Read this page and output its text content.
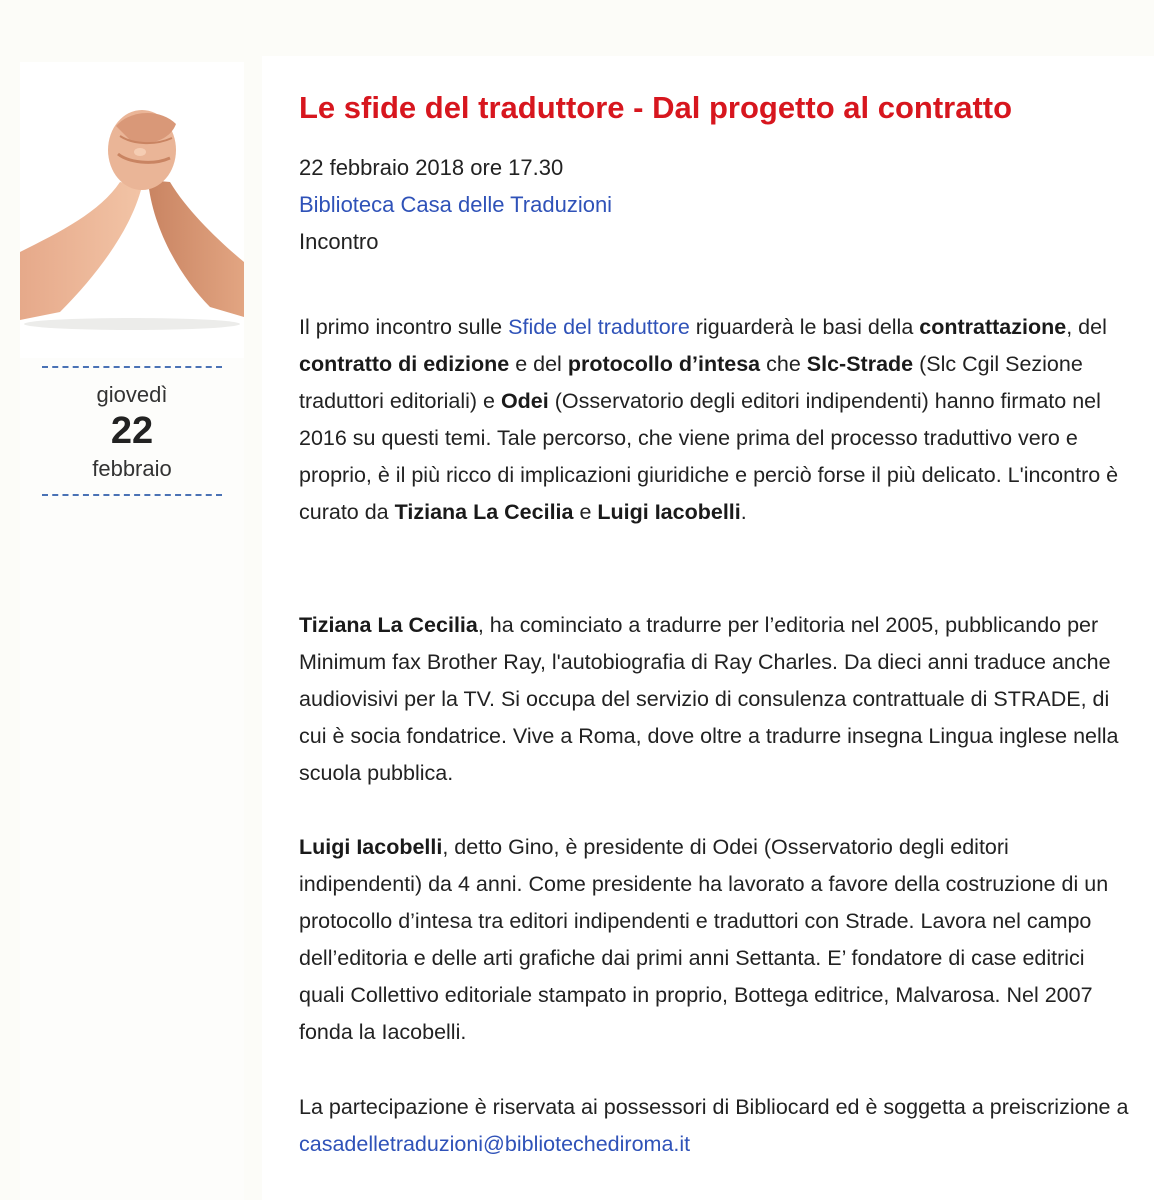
giovedì
22
febbraio
Le sfide del traduttore - Dal progetto al contratto
22 febbraio 2018 ore 17.30
Biblioteca Casa delle Traduzioni
Incontro

Il primo incontro sulle Sfide del traduttore riguarderà le basi della contrattazione, del contratto di edizione e del protocollo d’intesa che Slc-Strade (Slc Cgil Sezione traduttori editoriali) e Odei (Osservatorio degli editori indipendenti) hanno firmato nel 2016 su questi temi. Tale percorso, che viene prima del processo traduttivo vero e proprio, è il più ricco di implicazioni giuridiche e perciò forse il più delicato. L'incontro è curato da Tiziana La Cecilia e Luigi Iacobelli.

Tiziana La Cecilia, ha cominciato a tradurre per l’editoria nel 2005, pubblicando per Minimum fax Brother Ray, l'autobiografia di Ray Charles. Da dieci anni traduce anche audiovisivi per la TV. Si occupa del servizio di consulenza contrattuale di STRADE, di cui è socia fondatrice. Vive a Roma, dove oltre a tradurre insegna Lingua inglese nella scuola pubblica.

Luigi Iacobelli, detto Gino, è presidente di Odei (Osservatorio degli editori indipendenti) da 4 anni. Come presidente ha lavorato a favore della costruzione di un protocollo d’intesa tra editori indipendenti e traduttori con Strade. Lavora nel campo dell’editoria e delle arti grafiche dai primi anni Settanta. E’ fondatore di case editrici quali Collettivo editoriale stampato in proprio, Bottega editrice, Malvarosa. Nel 2007 fonda la Iacobelli.

La partecipazione è riservata ai possessori di Bibliocard ed è soggetta a preiscrizione a casadelletraduzioni@bibliotechediroma.it
